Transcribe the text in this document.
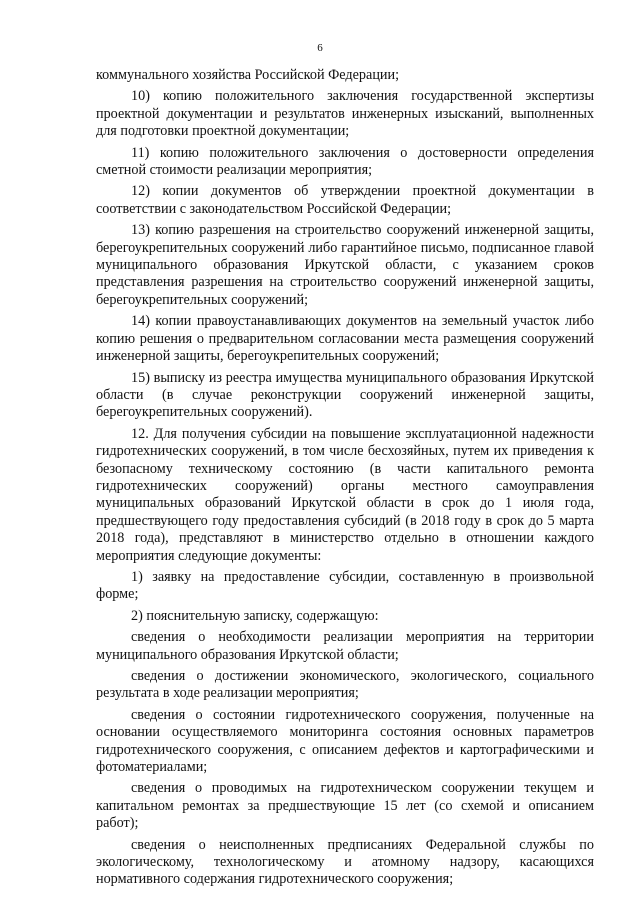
6

коммунального хозяйства Российской Федерации;

10) копию положительного заключения государственной экспертизы проектной документации и результатов инженерных изысканий, выполненных для подготовки проектной документации;

11) копию положительного заключения о достоверности определения сметной стоимости реализации мероприятия;

12) копии документов об утверждении проектной документации в соответствии с законодательством Российской Федерации;

13) копию разрешения на строительство сооружений инженерной защиты, берегоукрепительных сооружений либо гарантийное письмо, подписанное главой муниципального образования Иркутской области, с указанием сроков представления разрешения на строительство сооружений инженерной защиты, берегоукрепительных сооружений;

14) копии правоустанавливающих документов на земельный участок либо копию решения о предварительном согласовании места размещения сооружений инженерной защиты, берегоукрепительных сооружений;

15) выписку из реестра имущества муниципального образования Иркутской области (в случае реконструкции сооружений инженерной защиты, берегоукрепительных сооружений).

12. Для получения субсидии на повышение эксплуатационной надежности гидротехнических сооружений, в том числе бесхозяйных, путем их приведения к безопасному техническому состоянию (в части капитального ремонта гидротехнических сооружений) органы местного самоуправления муниципальных образований Иркутской области в срок до 1 июля года, предшествующего году предоставления субсидий (в 2018 году в срок до 5 марта 2018 года), представляют в министерство отдельно в отношении каждого мероприятия следующие документы:

1) заявку на предоставление субсидии, составленную в произвольной форме;

2) пояснительную записку, содержащую:

сведения о необходимости реализации мероприятия на территории муниципального образования Иркутской области;

сведения о достижении экономического, экологического, социального результата в ходе реализации мероприятия;

сведения о состоянии гидротехнического сооружения, полученные на основании осуществляемого мониторинга состояния основных параметров гидротехнического сооружения, с описанием дефектов и картографическими и фотоматериалами;

сведения о проводимых на гидротехническом сооружении текущем и капитальном ремонтах за предшествующие 15 лет (со схемой и описанием работ);

сведения о неисполненных предписаниях Федеральной службы по экологическому, технологическому и атомному надзору, касающихся нормативного содержания гидротехнического сооружения;
